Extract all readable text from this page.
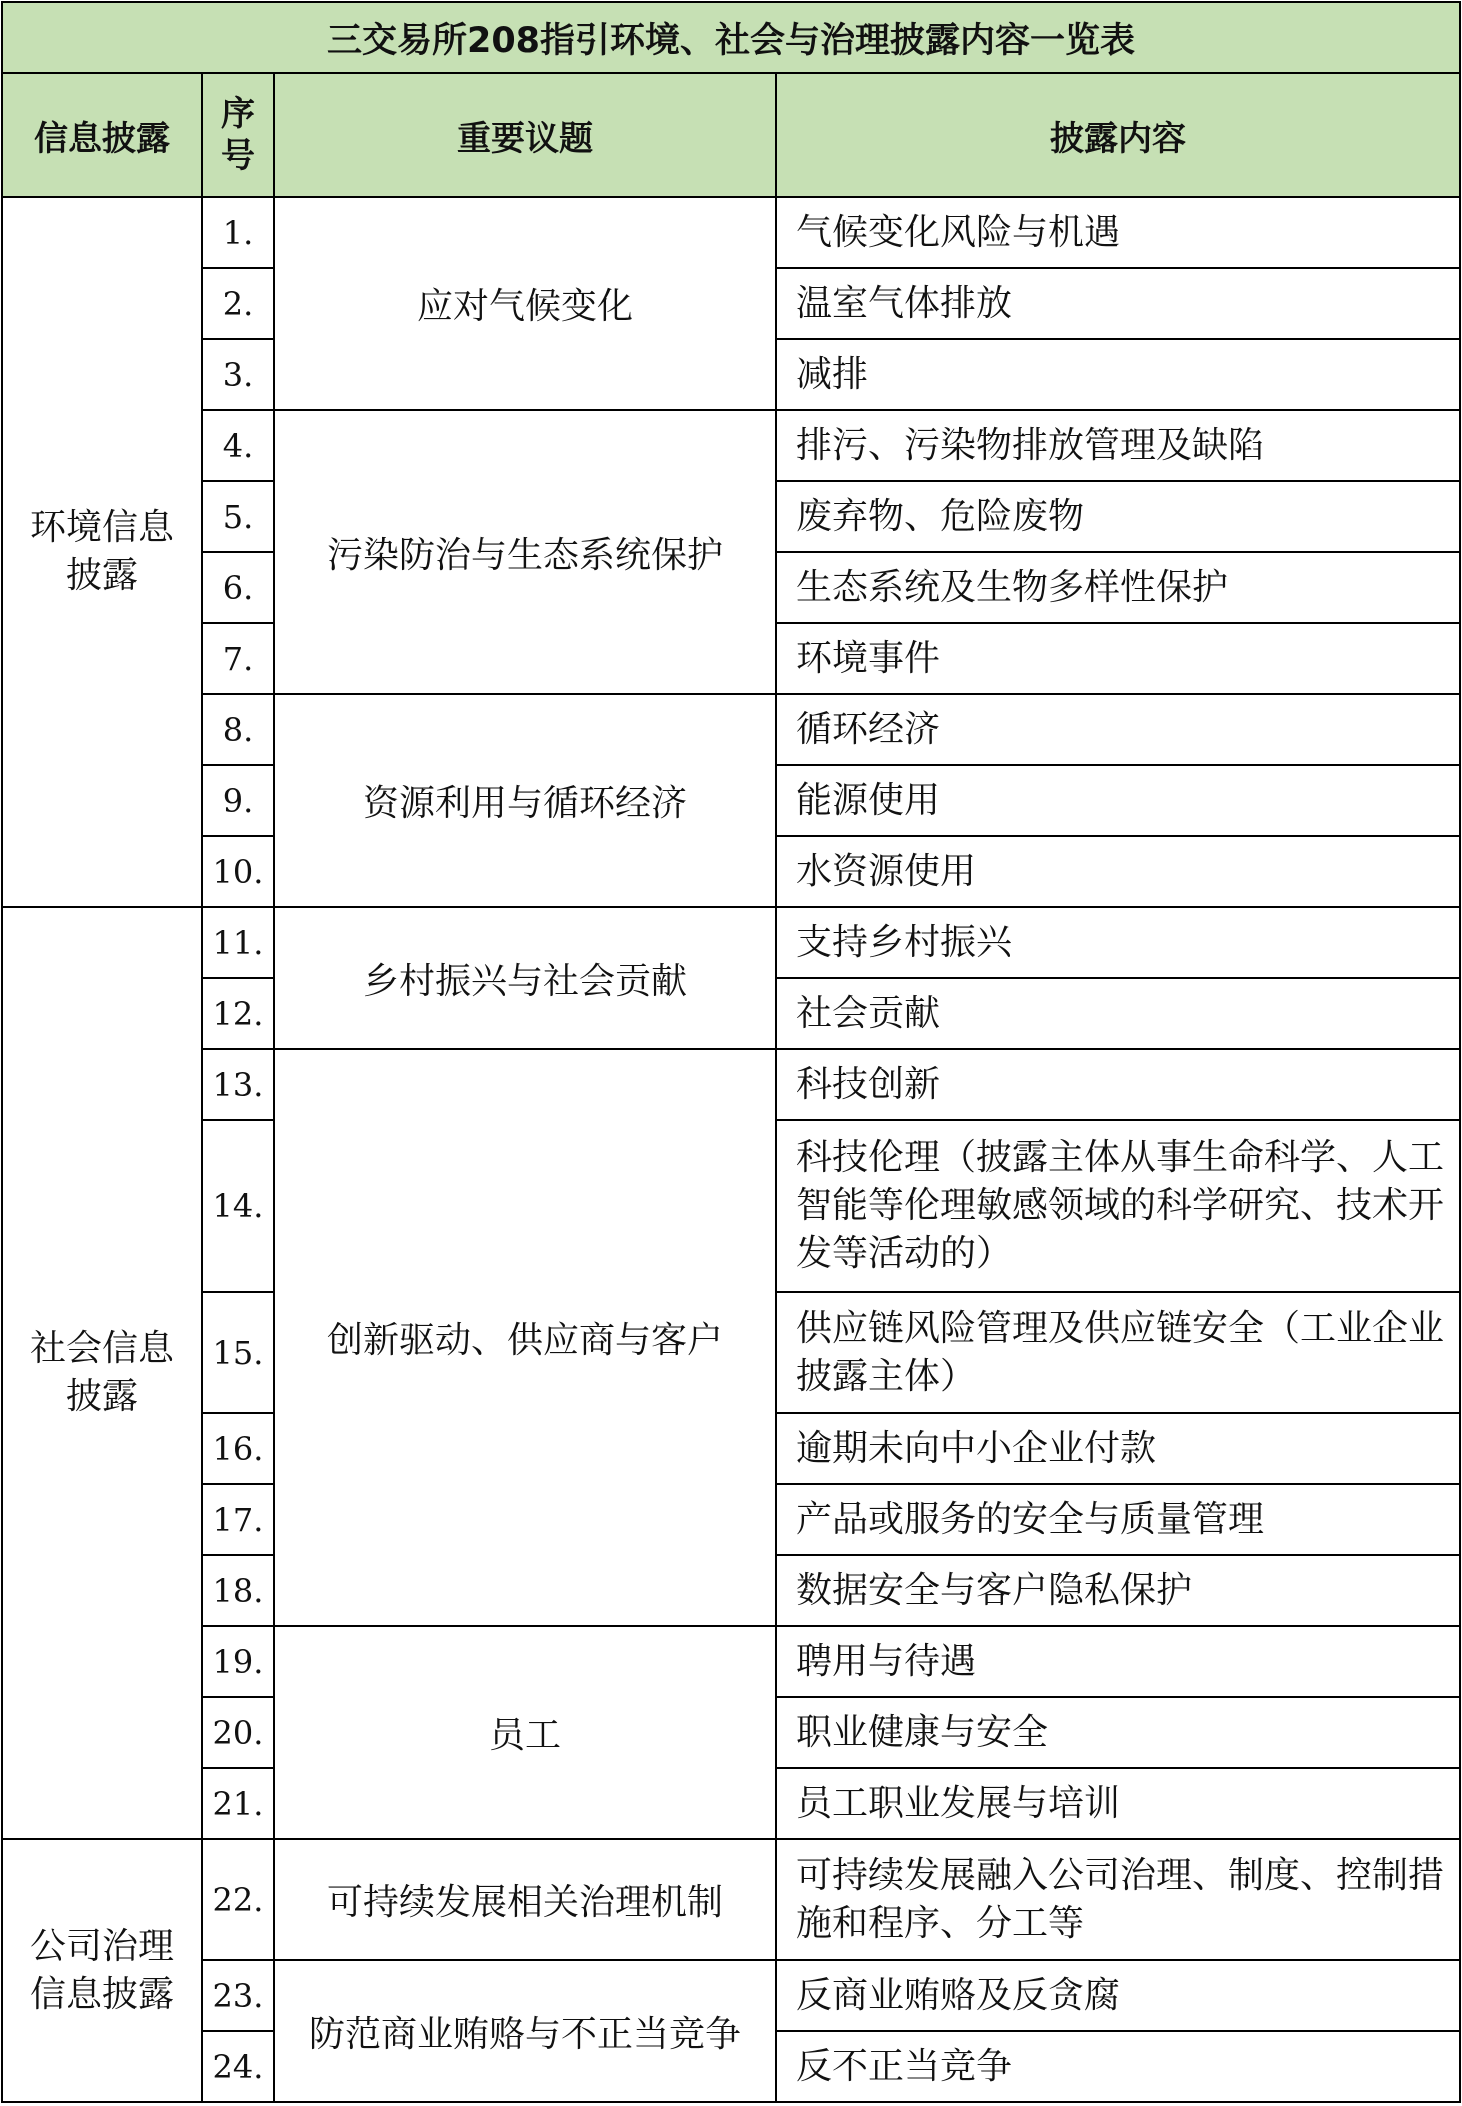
三交易所208指引环境、社会与治理披露内容一览表			
信息披露	序号	重要议题	披露内容
环境信息披露	1.	应对气候变化	气候变化风险与机遇
	2.		温室气体排放
	3.		减排
	4.	污染防治与生态系统保护	排污、污染物排放管理及缺陷
	5.		废弃物、危险废物
	6.		生态系统及生物多样性保护
	7.		环境事件
	8.	资源利用与循环经济	循环经济
	9.		能源使用
	10.		水资源使用
社会信息披露	11.	乡村振兴与社会贡献	支持乡村振兴
	12.		社会贡献
	13.	创新驱动、供应商与客户	科技创新
	14.		科技伦理（披露主体从事生命科学、人工智能等伦理敏感领域的科学研究、技术开发等活动的）
	15.		供应链风险管理及供应链安全（工业企业披露主体）
	16.		逾期未向中小企业付款
	17.		产品或服务的安全与质量管理
	18.		数据安全与客户隐私保护
	19.	员工	聘用与待遇
	20.		职业健康与安全
	21.		员工职业发展与培训
公司治理信息披露	22.	可持续发展相关治理机制	可持续发展融入公司治理、制度、控制措施和程序、分工等
	23.	防范商业贿赂与不正当竞争	反商业贿赂及反贪腐
	24.		反不正当竞争
